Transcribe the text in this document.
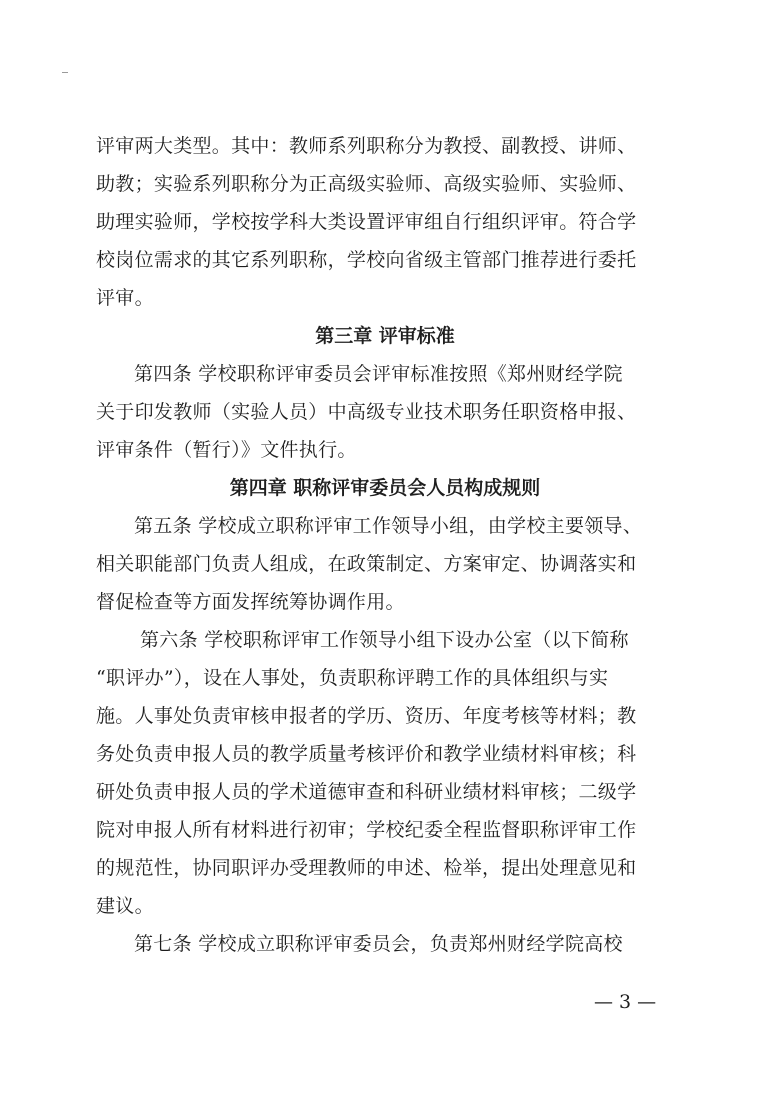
评审两大类型。其中：教师系列职称分为教授、副教授、讲师、
助教；实验系列职称分为正高级实验师、高级实验师、实验师、
助理实验师，学校按学科大类设置评审组自行组织评审。符合学
校岗位需求的其它系列职称，学校向省级主管部门推荐进行委托
评审。
第三章 评审标准
第四条 学校职称评审委员会评审标准按照《郑州财经学院
关于印发教师（实验人员）中高级专业技术职务任职资格申报、
评审条件（暂行）》文件执行。
第四章 职称评审委员会人员构成规则
第五条 学校成立职称评审工作领导小组，由学校主要领导、
相关职能部门负责人组成，在政策制定、方案审定、协调落实和
督促检查等方面发挥统筹协调作用。
第六条 学校职称评审工作领导小组下设办公室（以下简称
“职评办”），设在人事处，负责职称评聘工作的具体组织与实
施。人事处负责审核申报者的学历、资历、年度考核等材料；教
务处负责申报人员的教学质量考核评价和教学业绩材料审核；科
研处负责申报人员的学术道德审查和科研业绩材料审核；二级学
院对申报人所有材料进行初审；学校纪委全程监督职称评审工作
的规范性，协同职评办受理教师的申述、检举，提出处理意见和
建议。
第七条 学校成立职称评审委员会，负责郑州财经学院高校
— 3 —
